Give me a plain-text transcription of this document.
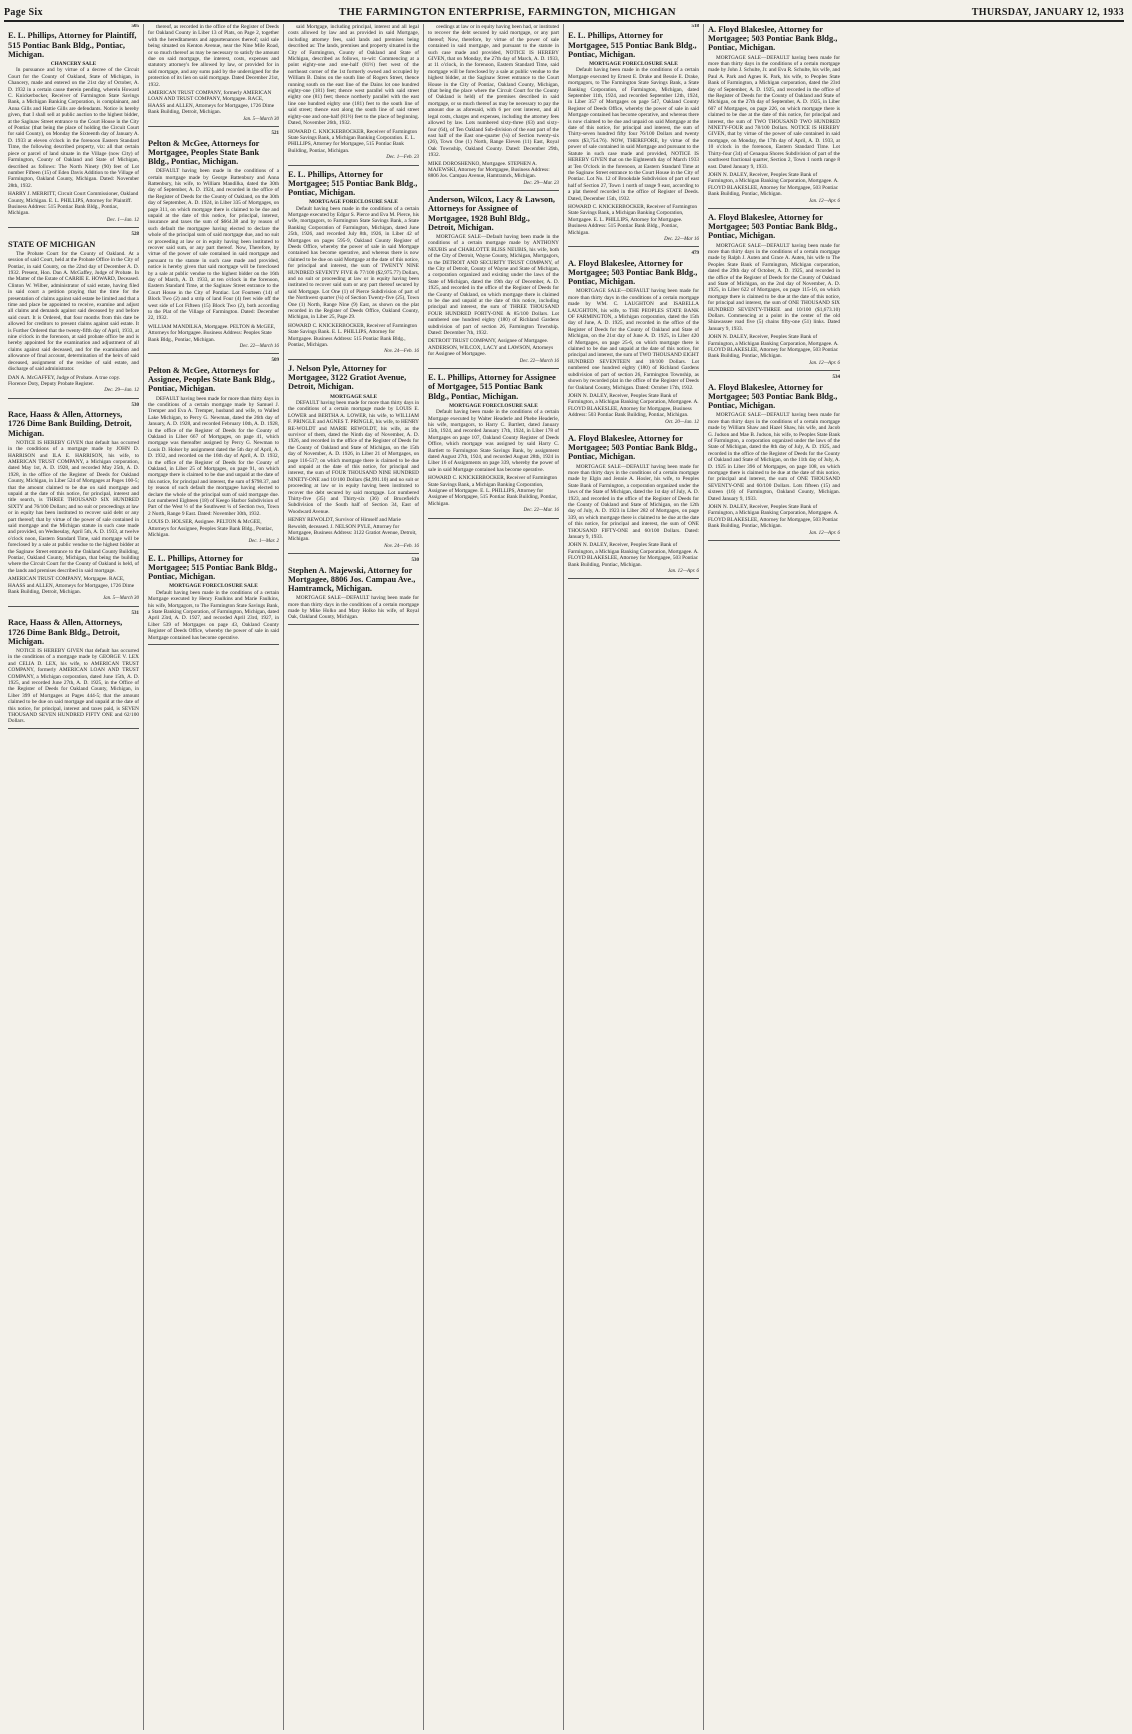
Page Six	THE FARMINGTON ENTERPRISE, FARMINGTON, MICHIGAN	THURSDAY, JANUARY 12, 1933
505
E. L. Phillips, Attorney for Plaintiff, 515 Pontiac Bank Bldg., Pontiac, Michigan.
CHANCERY SALE
In pursuance and by virtue of a decree of the Circuit Court for the County of Oakland, State of Michigan, in Chancery, made and entered on the 21st day of October, A. D. 1932 in a certain cause therein pending, wherein Howard C. Knickerbocker, Receiver of Farmington State Savings Bank, a Michigan Banking Corporation, is complainant, and Anna Gills and Hattie Gills are defendants. Notice is hereby given, that I shall sell at public auction to the highest bidder, at the Saginaw Street entrance to the Court House in the City of Pontiac (that being the place of holding the Circuit Court for said County), on Monday the Sixteenth day of January A. D. 1933 at eleven o'clock in the forenoon Eastern Standard Time, the following described property, viz: all that certain piece or parcel of land situate in the Village (now City) of Farmington, County of Oakland and State of Michigan, described as follows: The North Ninety (90) feet of Lot number Fifteen (15) of Eden Davis Addition to the Village of Farmington, Oakland County, Michigan. Dated: November 28th, 1932.
HARRY J. MERRITT, Circuit Court Commissioner, Oakland County, Michigan. E. L. PHILLIPS, Attorney for Plaintiff. Business Address: 515 Pontiac Bank Bldg., Pontiac, Michigan.
Dec. 1—Jan. 12
528
STATE OF MICHIGAN
The Probate Court for the County of Oakland. At a session of said Court, held at the Probate Office in the City of Pontiac, in said County, on the 22nd day of December A. D. 1932. Present, Hon. Dan A. McGaffey, Judge of Probate. In the Matter of the Estate of CARRIE E. HOWARD, Deceased. Clinton W. Wilber, administrator of said estate, having filed in said court a petition praying that the time for the presentation of claims against said estate be limited and that a time and place be appointed to receive, examine and adjust all claims and demands against said deceased by and before said court. It is Ordered, that four months from this date be allowed for creditors to present claims against said estate. It is Further Ordered that the twenty-fifth day of April, 1933, at nine o'clock in the forenoon, at said probate office be and is hereby appointed for the examination and adjustment of all claims against said deceased, and for the examination and allowance of final account, determination of the heirs of said deceased, assignment of the residue of said estate, and discharge of said administrator.
DAN A. McGAFFEY, Judge of Probate. A true copy. Florence Doty, Deputy Probate Register.
Dec. 29—Jan. 12
530
Race, Haass & Allen, Attorneys, 1726 Dime Bank Building, Detroit, Michigan.
NOTICE IS HEREBY GIVEN that default has occurred in the conditions of a mortgage made by JOHN D. HARRISON and ILA E. HARRISON, his wife, to AMERICAN TRUST COMPANY, a Michigan corporation, dated May 1st, A. D. 1928, and recorded May 25th, A. D. 1928, in the office of the Register of Deeds for Oakland County, Michigan, in Liber 524 of Mortgages at Pages 100-5; that the amount claimed to be due on said mortgage and unpaid at the date of this notice, for principal, interest and title search, is THREE THOUSAND SIX HUNDRED SIXTY and 76/100 Dollars; and no suit or proceedings at law or in equity has been instituted to recover said debt or any part thereof; that by virtue of the power of sale contained in said mortgage and the Michigan statute in such case made and provided, on Wednesday, April 5th, A. D. 1933, at twelve o'clock noon, Eastern Standard Time, said mortgage will be foreclosed by a sale at public vendue to the highest bidder at the Saginaw Street entrance to the Oakland County Building, Pontiac, Oakland County, Michigan, that being the building where the Circuit Court for the County of Oakland is held, of the lands and premises described in said mortgage.
AMERICAN TRUST COMPANY, Mortgagee. RACE, HAASS and ALLEN, Attorneys for Mortgagee, 1726 Dime Bank Building, Detroit, Michigan.
Jan. 5—March 30
531
Race, Haass & Allen, Attorneys, 1726 Dime Bank Bldg., Detroit, Michigan.
NOTICE IS HEREBY GIVEN that default has occurred in the conditions of a mortgage made by GEORGE V. LEX and CELIA D. LEX, his wife, to AMERICAN TRUST COMPANY, formerly AMERICAN LOAN AND TRUST COMPANY, a Michigan corporation, dated June 15th, A. D. 1925, and recorded June 27th, A. D. 1925, in the Office of the Register of Deeds for Oakland County, Michigan, in Liber 399 of Mortgages at Pages 444-5; that the amount claimed to be due on said mortgage and unpaid at the date of this notice, for principal, interest and taxes paid, is SEVEN THOUSAND SEVEN HUNDRED FIFTY ONE and 62/100 Dollars.
thereof, as recorded in the office of the Register of Deeds for Oakland County in Liber 13 of Plats, on Page 2, together with the hereditaments and appurtenances thereof; said sale being situated on Kenton Avenue, near the Nine Mile Road, or so much thereof as may be necessary to satisfy the amount due on said mortgage, the interest, costs, expenses and statutory attorney's fee allowed by law, or provided for in said mortgage, and any sums paid by the undersigned for the protection of its lien on said mortgage. Dated December 21st, 1932.
AMERICAN TRUST COMPANY, formerly AMERICAN LOAN AND TRUST COMPANY, Mortgagee. RACE, HAASS and ALLEN, Attorneys for Mortgagee, 1726 Dime Bank Building, Detroit, Michigan.
Jan. 5—March 30
521
Pelton & McGee, Attorneys for Mortgagee, Peoples State Bank Bldg., Pontiac, Michigan.
DEFAULT having been made in the conditions of a certain mortgage made by George Battenbury and Anna Rattenbury, his wife, to William Mandilka, dated the 30th day of September, A. D. 1924, and recorded in the office of the Register of Deeds for the County of Oakland, on the 30th day of September, A. D. 1924, in Liber 335 of Mortgages, on page 311, on which mortgage there is claimed to be due and unpaid at the date of this notice, for principal, interest, insurance and taxes the sum of $664.38 and by reason of such default the mortgagee having elected to declare the whole of the principal sum of said mortgage due, and no suit or proceeding at law or in equity having been instituted to recover said sum, or any part thereof. Now, Therefore, by virtue of the power of sale contained in said mortgage and pursuant to the statute in such case made and provided, notice is hereby given that said mortgage will be foreclosed by a sale at public vendue to the highest bidder on the 16th day of March, A. D. 1933, at ten o'clock in the forenoon, Eastern Standard Time, at the Saginaw Street entrance to the Court House in the City of Pontiac. Lot Fourteen (14) of Block Two (2) and a strip of land Four (4) feet wide off the west side of Lot Fifteen (15) Block Two (2), both according to the Plat of the Village of Farmington. Dated: December 22, 1932.
WILLIAM MANDILKA, Mortgagee. PELTON & McGEE, Attorneys for Mortgagee. Business Address: Peoples State Bank Bldg., Pontiac, Michigan.
Dec. 22—March 16
509
Pelton & McGee, Attorneys for Assignee, Peoples State Bank Bldg., Pontiac, Michigan.
DEFAULT having been made for more than thirty days in the conditions of a certain mortgage made by Samuel J. Tremper and Eva A. Tremper, husband and wife, to Walled Lake Michigan, to Percy G. Newman, dated the 26th day of January, A. D. 1928, and recorded February 10th, A. D. 1928, in the office of the Register of Deeds for the County of Oakland in Liber 667 of Mortgages, on page 41, which mortgage was thereafter assigned by Percy G. Newman to Louis D. Holser by assignment dated the 5th day of April, A. D. 1932, and recorded on the 16th day of April, A. D. 1932, in the office of the Register of Deeds for the County of Oakland, in Liber 25 of Mortgages, on page 91, on which mortgage there is claimed to be due and unpaid at the date of this notice, for principal and interest, the sum of $798.37, and by reason of such default the mortgagee having elected to declare the whole of the principal sum of said mortgage due. Lot numbered Eighteen (18) of Keego Harbor Subdivision of Part of the West ½ of the Southwest ¼ of Section two, Town 2 North, Range 9 East. Dated: November 30th, 1932.
LOUIS D. HOLSER, Assignee. PELTON & McGEE, Attorneys for Assignee, Peoples State Bank Bldg., Pontiac, Michigan.
Dec. 1—Mar. 2
E. L. Phillips, Attorney for Mortgagee; 515 Pontiac Bank Bldg., Pontiac, Michigan.
MORTGAGE FORECLOSURE SALE
Default having been made in the conditions of a certain Mortgage executed by Henry Faulkins and Marie Faulkins, his wife, Mortgagors, to The Farmington State Savings Bank, a State Banking Corporation, of Farmington, Michigan, dated April 23rd, A. D. 1927, and recorded April 23rd, 1927, in Liber 539 of Mortgages on page 43, Oakland County Register of Deeds Office, whereby the power of sale in said Mortgage contained has become operative.
said Mortgage, including principal, interest and all legal costs allowed by law and as provided in said Mortgage, including attorney fees, said lands and premises being described as: The lands, premises and property situated in the City of Farmington, County of Oakland and State of Michigan, described as follows, to-wit: Commencing at a point eighty-one and one-half (81½) feet west of the northeast corner of the 1st formerly owned and occupied by William B. Dains on the south line of Rogers Street, thence running south on the east line of the Dains lot one hundred eighty-one (181) feet; thence west parallel with said street eighty one (81) feet; thence northerly parallel with the east line one hundred eighty one (181) feet to the south line of said street; thence east along the south line of said street eighty-one and one-half (81½) feet to the place of beginning. Dated, November 26th, 1932.
HOWARD C. KNICKERBOCKER, Receiver of Farmington State Savings Bank, a Michigan Banking Corporation. E. L. PHILLIPS, Attorney for Mortgagee, 515 Pontiac Bank Building, Pontiac, Michigan.
Dec. 1—Feb. 23
E. L. Phillips, Attorney for Mortgagee; 515 Pontiac Bank Bldg., Pontiac, Michigan.
MORTGAGE FORECLOSURE SALE
Default having been made in the conditions of a certain Mortgage executed by Edgar S. Pierce and Eva M. Pierce, his wife, mortgagors, to Farmington State Savings Bank, a State Banking Corporation of Farmington, Michigan, dated June 25th, 1926, and recorded July 8th, 1926, in Liber 42 of Mortgages on pages 595-9, Oakland County Register of Deeds Office, whereby the power of sale in said Mortgage contained has become operative, and whereas there is now claimed to be due on said Mortgage at the date of this notice, for principal and interest, the sum of TWENTY NINE HUNDRED SEVENTY FIVE & 77/100 ($2,975.77) Dollars, and no suit or proceeding at law or in equity having been instituted to recover said sum or any part thereof secured by said Mortgage. Lot One (1) of Pierce Subdivision of part of the Northwest quarter (¼) of Section Twenty-five (25), Town One (1) North, Range Nine (9) East, as shown on the plat recorded in the Register of Deeds Office, Oakland County, Michigan, in Liber 25, Page 29.
HOWARD C. KNICKERBOCKER, Receiver of Farmington State Savings Bank. E. L. PHILLIPS, Attorney for Mortgagee. Business Address: 515 Pontiac Bank Bldg., Pontiac, Michigan.
Nov. 24—Feb. 16
J. Nelson Pyle, Attorney for Mortgagee, 3122 Gratiot Avenue, Detroit, Michigan.
MORTGAGE SALE
DEFAULT having been made for more than thirty days in the conditions of a certain mortgage made by LOUIS E. LOWER and BERTHA A. LOWER, his wife, to WILLIAM F. PRINGLE and AGNES T. PRINGLE, his wife, to HENRY RE-WOLDT and MARIE REWOLDT, his wife, as the survivor of them, dated the Ninth day of November, A. D. 1926, and recorded in the office of the Register of Deeds for the County of Oakland and State of Michigan, on the 15th day of November, A. D. 1926, in Liber 21 of Mortgages, on page 116-517; on which mortgage there is claimed to be due and unpaid at the date of this notice, for principal and interest, the sum of FOUR THOUSAND NINE HUNDRED NINETY-ONE and 10/100 Dollars ($4,991.10) and no suit or proceeding at law or in equity having been instituted to recover the debt secured by said mortgage. Lot numbered Thirty-five (35) and Thirty-six (36) of Brucefield's Subdivision of the South half of Section 34, East of Woodward Avenue.
HENRY REWOLDT, Survivor of Himself and Marie Rewoldt, deceased. J. NELSON PYLE, Attorney for Mortgagee, Business Address: 3122 Gratiot Avenue, Detroit, Michigan.
Nov. 24—Feb. 16
530
Stephen A. Majewski, Attorney for Mortgagee, 8806 Jos. Campau Ave., Hamtramck, Michigan.
MORTGAGE SALE—DEFAULT having been made for more than thirty days in the conditions of a certain mortgage made by Mike Holko and Mary Holko his wife, of Royal Oak, Oakland County, Michigan.
ceedings at law or in equity having been had, or instituted to recover the debt secured by said mortgage, or any part thereof; Now, therefore, by virtue of the power of sale contained in said mortgage, and pursuant to the statute in such case made and provided, NOTICE IS HEREBY GIVEN, that on Monday, the 27th day of March, A. D. 1933, at 11 o'clock, in the forenoon, Eastern Standard Time, said mortgage will be foreclosed by a sale at public vendue to the highest bidder, at the Saginaw Street entrance to the Court House in the City of Pontiac, Oakland County, Michigan, (that being the place where the Circuit Court for the County of Oakland is held) of the premises described in said mortgage, or so much thereof as may be necessary to pay the amount due as aforesaid, with 6 per cent interest, and all legal costs, charges and expenses, including the attorney fees allowed by law. Lots numbered sixty-three (63) and sixty-four (64), of Ten Oakland Sub-division of the east part of the east half of the East one-quarter (¼) of Section twenty-six (26), Town One (1) North, Range Eleven (11) East, Royal Oak Township, Oakland County. Dated: December 29th, 1932.
MIKE DOROSHENKO, Mortgagee. STEPHEN A. MAJEWSKI, Attorney for Mortgagee, Business Address: 8806 Jos. Campau Avenue, Hamtramck, Michigan.
Dec. 29—Mar. 23
Anderson, Wilcox, Lacy & Lawson, Attorneys for Assignee of Mortgagee, 1928 Buhl Bldg., Detroit, Michigan.
MORTGAGE SALE—Default having been made in the conditions of a certain mortgage made by ANTHONY NEUBIS and CHARLOTTE BLISS NEUBIS, his wife, both of the City of Detroit, Wayne County, Michigan, Mortgagors, to the DETROIT AND SECURITY TRUST COMPANY, of the City of Detroit, County of Wayne and State of Michigan, a corporation organized and existing under the laws of the State of Michigan, dated the 19th day of December, A. D. 1925, and recorded in the office of the Register of Deeds for the County of Oakland, on which mortgage there is claimed to be due and unpaid at the date of this notice, including principal and interest, the sum of THREE THOUSAND FOUR HUNDRED FORTY-ONE & 85/100 Dollars. Lot numbered one hundred eighty (180) of Richland Gardens subdivision of part of section 26, Farmington Township. Dated: December 7th, 1932.
DETROIT TRUST COMPANY, Assignee of Mortgagee. ANDERSON, WILCOX, LACY and LAWSON, Attorneys for Assignee of Mortgagee.
Dec. 22—March 16
E. L. Phillips, Attorney for Assignee of Mortgagee, 515 Pontiac Bank Bldg., Pontiac, Michigan.
MORTGAGE FORECLOSURE SALE
Default having been made in the conditions of a certain Mortgage executed by Walter Headerle and Phebe Headerle, his wife, mortgagors, to Harry C. Bartlett, dated January 15th, 1924, and recorded January 17th, 1924, in Liber 178 of Mortgages on page 107, Oakland County Register of Deeds Office, which mortgage was assigned by said Harry C. Bartlett to Farmington State Savings Bank, by assignment dated August 27th, 1924, and recorded August 28th, 1924 in Liber 16 of Assignments on page 339, whereby the power of sale in said Mortgage contained has become operative.
HOWARD C. KNICKERBOCKER, Receiver of Farmington State Savings Bank, a Michigan Banking Corporation, Assignee of Mortgagee. E. L. PHILLIPS, Attorney for Assignee of Mortgagee, 515 Pontiac Bank Building, Pontiac, Michigan.
Dec. 22—Mar. 16
518
E. L. Phillips, Attorney for Mortgagee, 515 Pontiac Bank Bldg., Pontiac, Michigan.
MORTGAGE FORECLOSURE SALE
Default having been made in the conditions of a certain Mortgage executed by Ernest E. Drake and Bessie E. Drake, mortgagors, to The Farmington State Savings Bank, a State Banking Corporation, of Farmington, Michigan, dated September 11th, 1924, and recorded September 12th, 1924, in Liber 357 of Mortgages on page 547, Oakland County Register of Deeds Office, whereby the power of sale in said Mortgage contained has become operative, and whereas there is now claimed to be due and unpaid on said Mortgage at the date of this notice, for principal and interest, the sum of Thirty-seven hundred fifty four 76/100 Dollars and twenty cents ($3,754.76). NOW, THEREFORE, by virtue of the power of sale contained in said Mortgage and pursuant to the Statute in such case made and provided, NOTICE IS HEREBY GIVEN that on the Eighteenth day of March 1933 at Ten O'clock in the forenoon, at Eastern Standard Time at the Saginaw Street entrance to the Court House in the City of Pontiac. Lot No. 12 of Brookdale Subdivision of part of east half of Section 27, Town 1 north of range 9 east, according to a plat thereof recorded in the office of Register of Deeds. Dated, December 15th, 1932.
HOWARD C. KNICKERBOCKER, Receiver of Farmington State Savings Bank, a Michigan Banking Corporation, Mortgagee. E. L. PHILLIPS, Attorney for Mortgagee. Business Address: 515 Pontiac Bank Bldg., Pontiac, Michigan.
Dec. 22—Mar 16
479
A. Floyd Blakeslee, Attorney for Mortgagee; 503 Pontiac Bank Bldg., Pontiac, Michigan.
MORTGAGE SALE—DEFAULT having been made for more than thirty days in the conditions of a certain mortgage made by WM. C. LAUGHTON and ISABELLA LAUGHTON, his wife, to THE PEOPLES STATE BANK OF FARMINGTON, a Michigan corporation, dated the 15th day of June, A. D. 1925, and recorded in the office of the Register of Deeds for the County of Oakland and State of Michigan, on the 21st day of June A. D. 1925, in Liber 420 of Mortgages, on page 25-6, on which mortgage there is claimed to be due and unpaid at the date of this notice, for principal and interest, the sum of TWO THOUSAND EIGHT HUNDRED SEVENTEEN and 18/100 Dollars. Lot numbered one hundred eighty (180) of Richland Gardens subdivision of part of section 26, Farmington Township, as shown by recorded plat in the office of the Register of Deeds for Oakland County, Michigan. Dated: October 17th, 1932.
JOHN N. DALEY, Receiver, Peoples State Bank of Farmington, a Michigan Banking Corporation, Mortgagee. A. FLOYD BLAKESLEE, Attorney for Mortgagee, Business Address: 503 Pontiac Bank Building, Pontiac, Michigan.
Oct. 20—Jan. 12
A. Floyd Blakeslee, Attorney for Mortgagee; 503 Pontiac Bank Bldg., Pontiac, Michigan.
MORTGAGE SALE—DEFAULT having been made for more than thirty days in the conditions of a certain mortgage made by Elgin and Jennie A. Hosler, his wife, to Peoples State Bank of Farmington, a corporation organized under the laws of the State of Michigan, dated the 1st day of July, A. D. 1923, and recorded in the office of the Register of Deeds for the County of Oakland and State of Michigan, on the 12th day of July, A. D. 1923 in Liber 282 of Mortgages, on page 339, on which mortgage there is claimed to be due at the date of this notice, for principal and interest, the sum of ONE THOUSAND FIFTY-ONE and 60/100 Dollars. Dated: January 9, 1933.
JOHN N. DALEY, Receiver, Peoples State Bank of Farmington, a Michigan Banking Corporation, Mortgagee. A. FLOYD BLAKESLEE, Attorney for Mortgagee, 503 Pontiac Bank Building, Pontiac, Michigan.
Jan. 12—Apr. 6
A. Floyd Blakeslee, Attorney for Mortgagee; 503 Pontiac Bank Bldg., Pontiac, Michigan.
MORTGAGE SALE—DEFAULT having been made for more than thirty days in the conditions of a certain mortgage made by John J. Schulte, Jr. and Eva R. Schulte, his wife, and Paul A. Park and Agnes K. Park, his wife, to Peoples State Bank of Farmington, a Michigan corporation, dated the 23rd day of September, A. D. 1925, and recorded in the office of the Register of Deeds for the County of Oakland and State of Michigan, on the 27th day of September, A. D. 1925, in Liber 607 of Mortgages, on page 226, on which mortgage there is claimed to be due at the date of this notice, for principal and interest, the sum of TWO THOUSAND TWO HUNDRED NINETY-FOUR and 78/100 Dollars. NOTICE IS HEREBY GIVEN, that by virtue of the power of sale contained in said mortgage, on Monday, the 17th day of April, A. D. 1933, at 10 o'clock in the forenoon, Eastern Standard Time. Lot Thirty-four (34) of Cenaqua Shores Subdivision of part of the southwest fractional quarter, Section 2, Town 1 north range 8 east. Dated January 9, 1933.
JOHN N. DALEY, Receiver, Peoples State Bank of Farmington, a Michigan Banking Corporation, Mortgagee. A. FLOYD BLAKESLEE, Attorney for Mortgagee, 503 Pontiac Bank Building, Pontiac, Michigan.
Jan. 12—Apr. 6
A. Floyd Blakeslee, Attorney for Mortgagee; 503 Pontiac Bank Bldg., Pontiac, Michigan.
MORTGAGE SALE—DEFAULT having been made for more than thirty days in the conditions of a certain mortgage made by Ralph J. Auten and Grace A. Auten, his wife to The Peoples State Bank of Farmington, Michigan corporation, dated the 29th day of October, A. D. 1925, and recorded in the office of the Register of Deeds for the County of Oakland and State of Michigan, on the 2nd day of November, A. D. 1925, in Liber 622 of Mortgages, on page 115-16, on which mortgage there is claimed to be due at the date of this notice, for principal and interest, the sum of ONE THOUSAND SIX HUNDRED SEVENTY-THREE and 10/100 ($1,673.10) Dollars. Commencing at a point in the center of the old Shiawassee road five (5) chains fifty-one (51) links. Dated January 9, 1933.
JOHN N. DALEY, Receiver, Peoples State Bank of Farmington, a Michigan Banking Corporation, Mortgagee. A. FLOYD BLAKESLEE, Attorney for Mortgagee, 503 Pontiac Bank Building, Pontiac, Michigan.
Jan. 12—Apr. 6
534
A. Floyd Blakeslee, Attorney for Mortgagee; 503 Pontiac Bank Bldg., Pontiac, Michigan.
MORTGAGE SALE—DEFAULT having been made for more than thirty days in the conditions of a certain mortgage made by William Shaw and Hazel Shaw, his wife, and Jacob G. Judson and Mae B. Judson, his wife, to Peoples State Bank of Farmington, a corporation organized under the laws of the State of Michigan, dated the 8th day of July, A. D. 1925, and recorded in the office of the Register of Deeds for the County of Oakland and State of Michigan, on the 11th day of July, A. D. 1925 in Liber 396 of Mortgages, on page 108, on which mortgage there is claimed to be due at the date of this notice, for principal and interest, the sum of ONE THOUSAND SEVENTY-ONE and 60/100 Dollars. Lots fifteen (15) and sixteen (16) of Farmington, Oakland County, Michigan. Dated January 9, 1933.
JOHN N. DALEY, Receiver, Peoples State Bank of Farmington, a Michigan Banking Corporation, Mortgagee. A. FLOYD BLAKESLEE, Attorney for Mortgagee, 503 Pontiac Bank Building, Pontiac, Michigan.
Jan. 12—Apr. 6
